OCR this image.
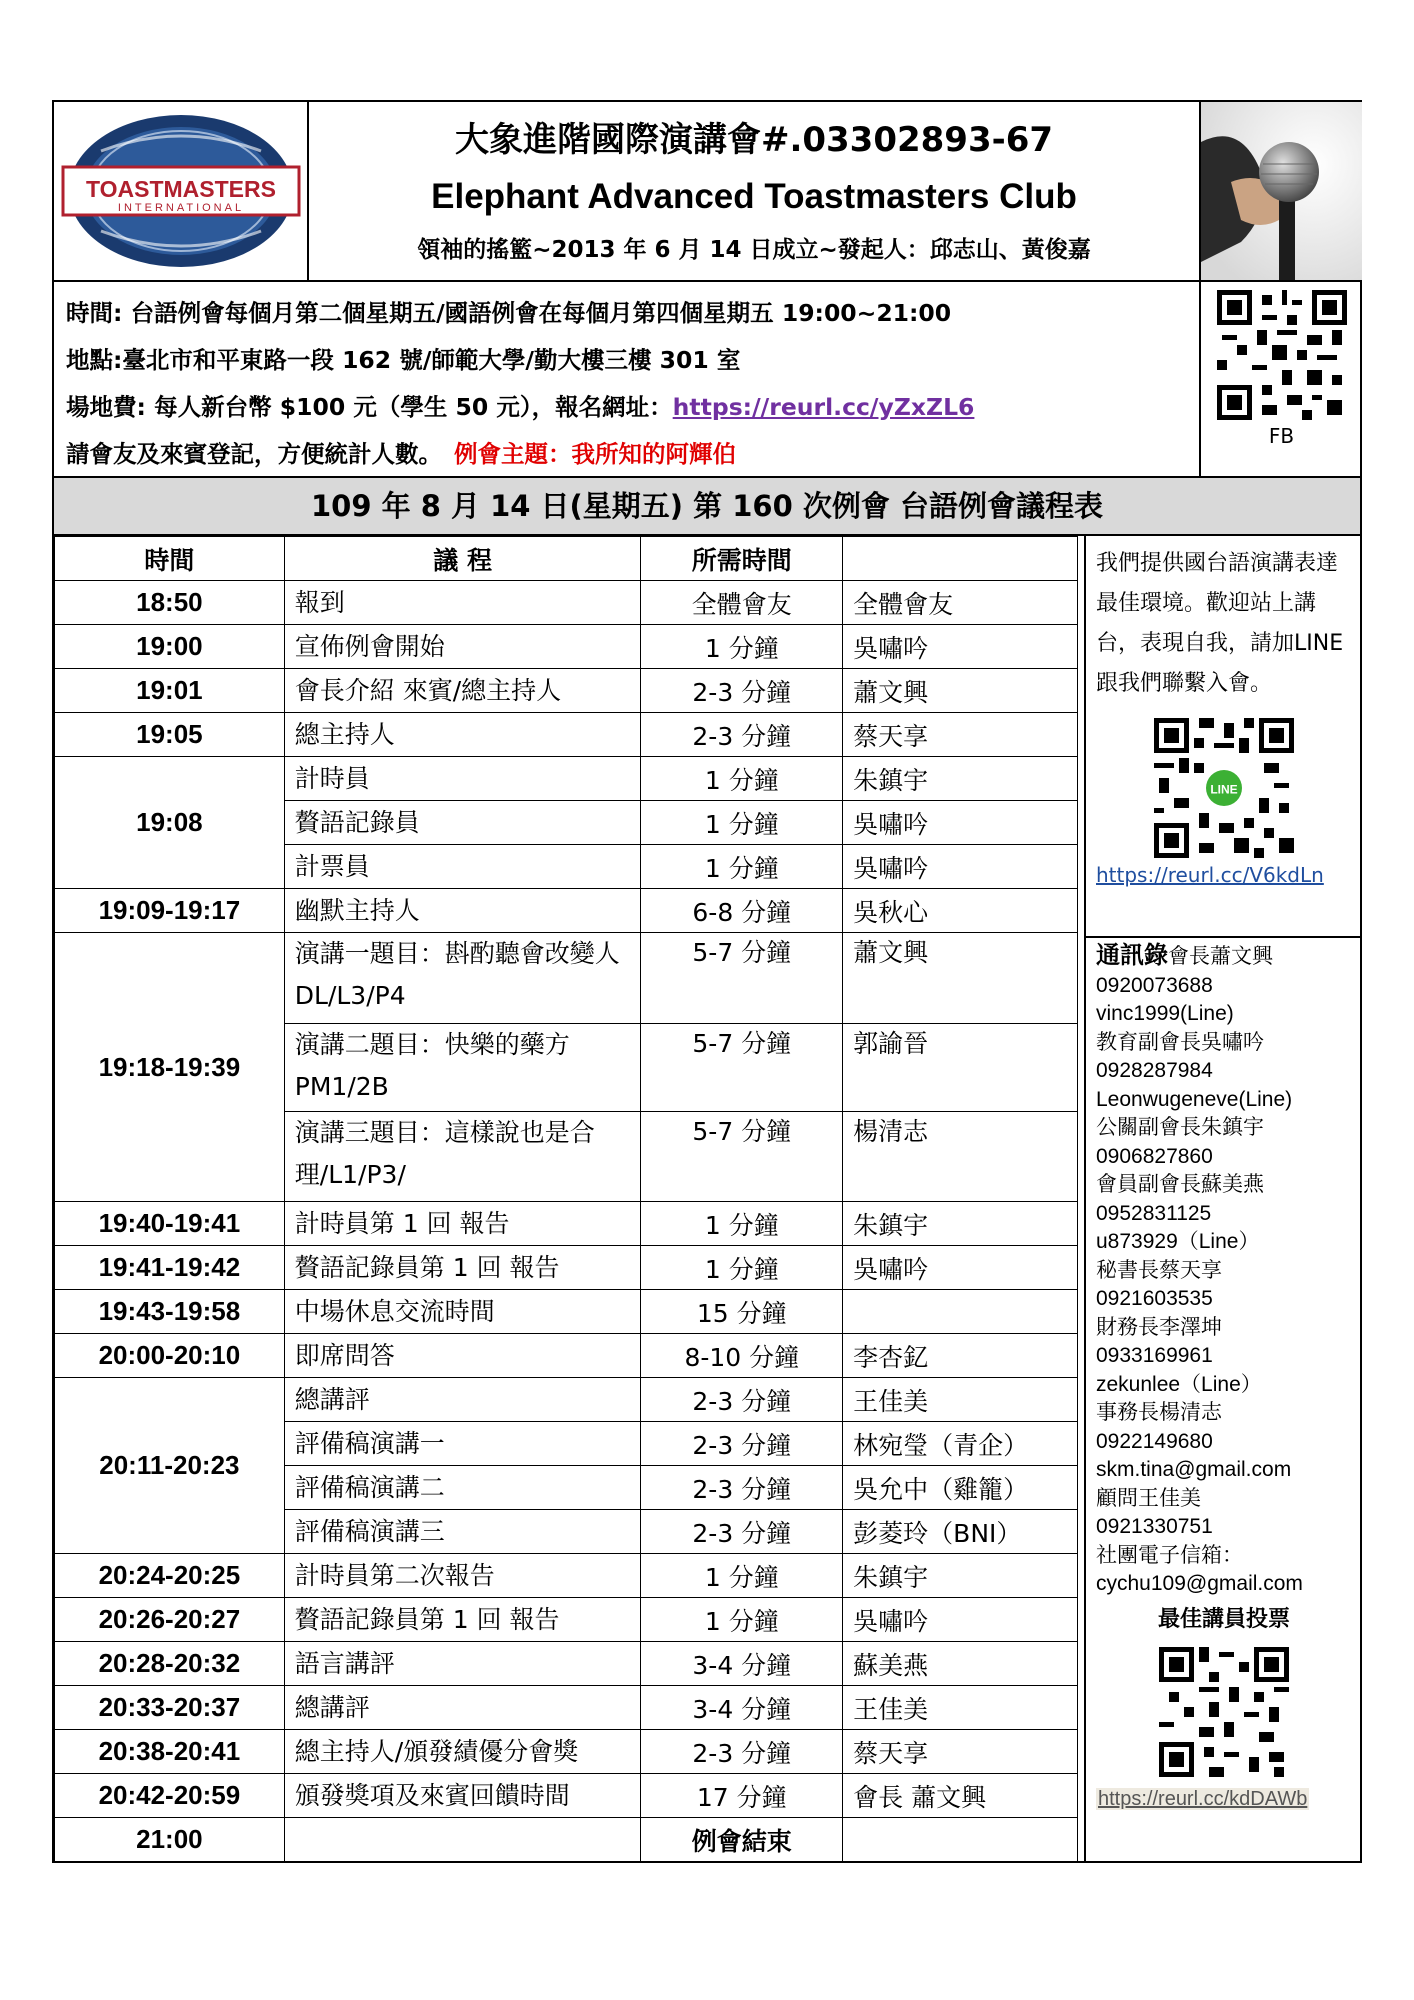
TOASTMASTERS
INTERNATIONAL
大象進階國際演講會#.03302893-67
Elephant Advanced Toastmasters Club
領袖的搖籃~2013 年 6 月 14 日成立~發起人：邱志山、黃俊嘉
時間: 台語例會每個月第二個星期五/國語例會在每個月第四個星期五 19:00~21:00
地點:臺北市和平東路一段 162 號/師範大學/勤大樓三樓 301 室
場地費: 每人新台幣 $100 元（學生 50 元），報名網址：https://reurl.cc/yZxZL6
請會友及來賓登記，方便統計人數。 例會主題：我所知的阿輝伯
FB
109 年 8 月 14 日(星期五) 第 160 次例會 台語例會議程表
時間	議 程	所需時間	
18:50	報到	全體會友	全體會友
19:00	宣佈例會開始	1 分鐘	吳嘯吟
19:01	會長介紹 來賓/總主持人	2-3 分鐘	蕭文興
19:05	總主持人	2-3 分鐘	蔡天享
19:08	計時員	1 分鐘	朱鎮宇
	贅語記錄員	1 分鐘	吳嘯吟
	計票員	1 分鐘	吳嘯吟
19:09-19:17	幽默主持人	6-8 分鐘	吳秋心
19:18-19:39	演講一題目：斟酌聽會改變人 DL/L3/P4	5-7 分鐘	蕭文興
	演講二題目：快樂的藥方 PM1/2B	5-7 分鐘	郭諭晉
	演講三題目：這樣說也是合理/L1/P3/	5-7 分鐘	楊清志
19:40-19:41	計時員第 1 回 報告	1 分鐘	朱鎮宇
19:41-19:42	贅語記錄員第 1 回 報告	1 分鐘	吳嘯吟
19:43-19:58	中場休息交流時間	15 分鐘	
20:00-20:10	即席問答	8-10 分鐘	李杏釔
20:11-20:23	總講評	2-3 分鐘	王佳美
	評備稿演講一	2-3 分鐘	林宛瑩（青企）
	評備稿演講二	2-3 分鐘	吳允中（雞籠）
	評備稿演講三	2-3 分鐘	彭菱玲（BNI）
20:24-20:25	計時員第二次報告	1 分鐘	朱鎮宇
20:26-20:27	贅語記錄員第 1 回 報告	1 分鐘	吳嘯吟
20:28-20:32	語言講評	3-4 分鐘	蘇美燕
20:33-20:37	總講評	3-4 分鐘	王佳美
20:38-20:41	總主持人/頒發績優分會獎	2-3 分鐘	蔡天享
20:42-20:59	頒發獎項及來賓回饋時間	17 分鐘	會長 蕭文興
21:00		例會結束	
我們提供國台語演講表達最佳環境。歡迎站上講台，表現自我，請加LINE 跟我們聯繫入會。
LINE
https://reurl.cc/V6kdLn
通訊錄會長蕭文興
0920073688
vinc1999(Line)
教育副會長吳嘯吟
0928287984
Leonwugeneve(Line)
公關副會長朱鎮宇
0906827860
會員副會長蘇美燕
0952831125
u873929（Line）
秘書長蔡天享
0921603535
財務長李澤坤
0933169961
zekunlee（Line）
事務長楊清志
0922149680
skm.tina@gmail.com
顧問王佳美
0921330751
社團電子信箱：
cychu109@gmail.com
最佳講員投票
https://reurl.cc/kdDAWb
